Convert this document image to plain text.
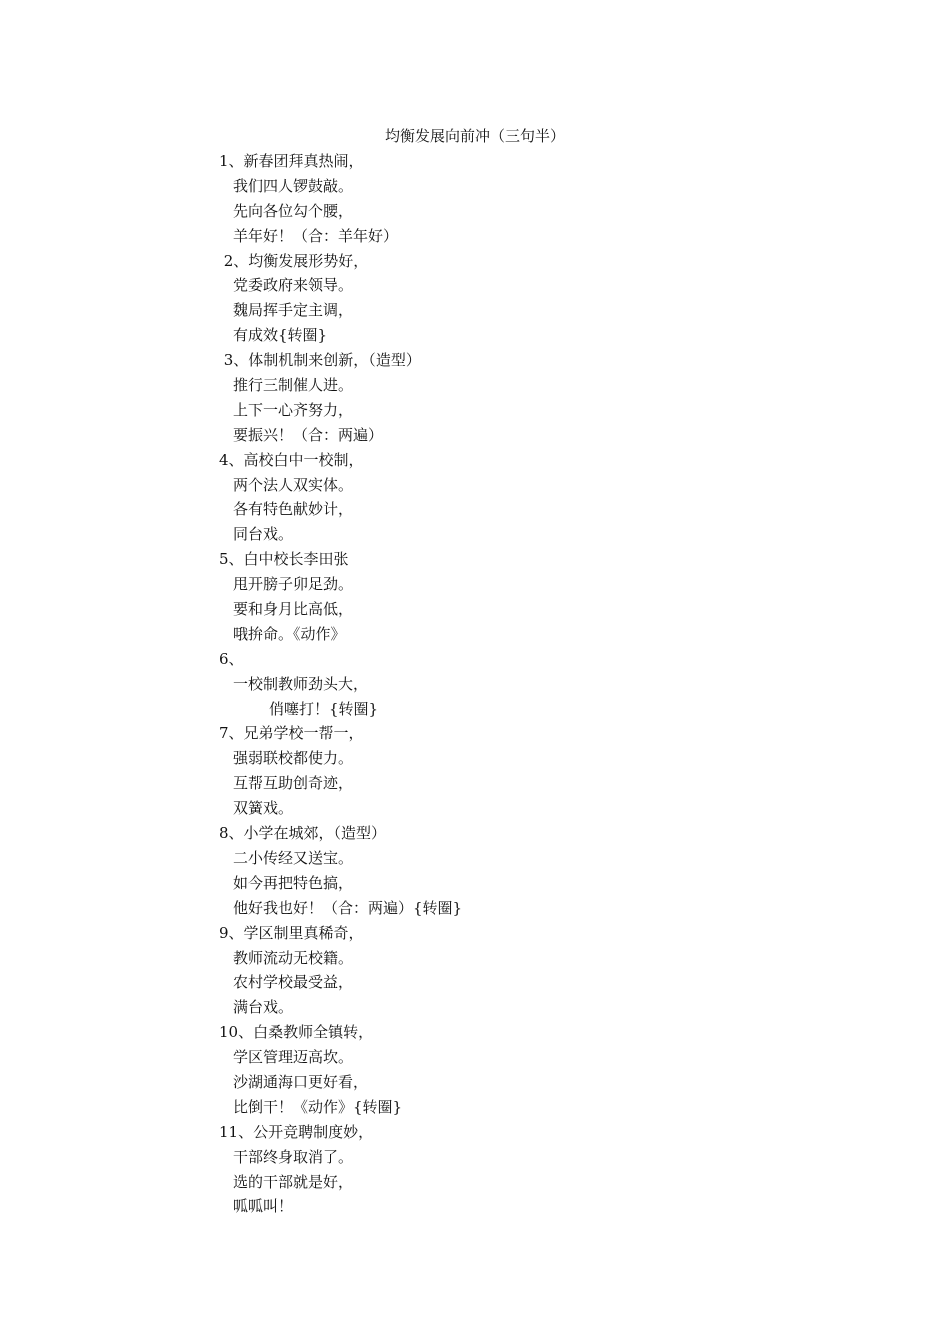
均衡发展向前冲（三句半）
1、新春团拜真热闹，
我们四人锣鼓敲。
先向各位勾个腰，
羊年好！（合：羊年好）
2、均衡发展形势好，
党委政府来领导。
魏局挥手定主调，
有成效{转圈}
3、体制机制来创新，（造型）
推行三制催人进。
上下一心齐努力，
要振兴！（合：两遍）
4、高校白中一校制，
两个法人双实体。
各有特色献妙计，
同台戏。
5、白中校长李田张
甩开膀子卯足劲。
要和身月比高低，
哦拚命。《动作》
6、
一校制教师劲头大，
俏噻打！{转圈}
7、兄弟学校一帮一，
强弱联校都使力。
互帮互助创奇迹，
双簧戏。
8、小学在城郊，（造型）
二小传经又送宝。
如今再把特色搞，
他好我也好！（合：两遍）{转圈}
9、学区制里真稀奇，
教师流动无校籍。
农村学校最受益，
满台戏。
10、白桑教师全镇转，
学区管理迈高坎。
沙湖通海口更好看，
比倒干！《动作》{转圈}
11、公开竞聘制度妙，
干部终身取消了。
选的干部就是好，
呱呱叫！
